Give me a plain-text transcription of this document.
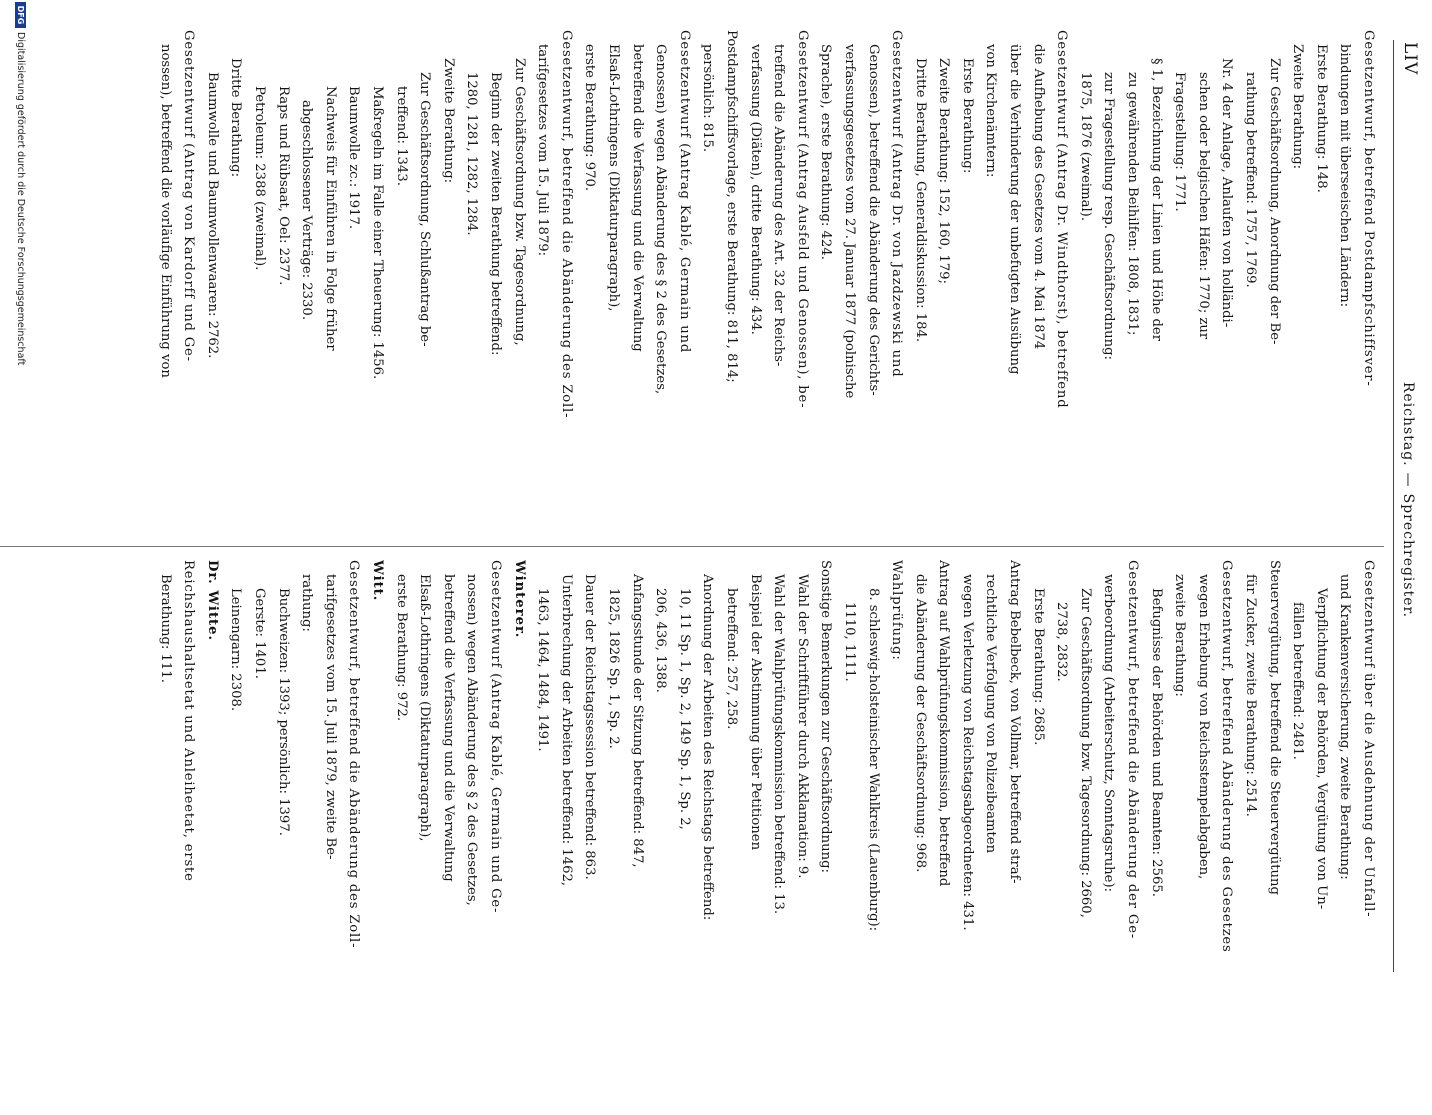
LIV
Reichstag.—Sprechregister.
Gesetzentwurf, betreffend Postdampfschiffsver-
bindungen mit überseeischen Ländern:
Erste Berathung: 148.
Zweite Berathung:
Zur Geschäftsordnung, Anordnung der Be-
rathung betreffend: 1757, 1769.
Nr. 4 der Anlage, Anlaufen von holländi-
schen oder belgischen Häfen: 1770; zur
Fragestellung: 1771.
§ 1, Bezeichnung der Linien und Höhe der
zu gewährenden Beihilfen: 1808, 1831;
zur Fragestellung resp. Geschäftsordnung:
1875, 1876 (zweimal).
Gesetzentwurf (Antrag Dr. Windthorst), betreffend
die Aufhebung des Gesetzes vom 4. Mai 1874
über die Verhinderung der unbefugten Ausübung
von Kirchenämtern:
Erste Berathung:
Zweite Berathung: 152, 160, 179;
Dritte Berathung, Generaldiskussion: 184.
Gesetzentwurf (Antrag Dr. von Jazdzewski und
Genossen), betreffend die Abänderung des Gerichts-
verfassungsgesetzes vom 27. Januar 1877 (polnische
Sprache), erste Berathung: 424.
Gesetzentwurf (Antrag Ausfeld und Genossen), be-
treffend die Abänderung des Art. 32 der Reichs-
verfassung (Diäten), dritte Berathung: 434.
Postdampfschiffsvorlage, erste Berathung: 811, 814;
persönlich: 815.
Gesetzentwurf (Antrag Kablé, Germain und
Genossen) wegen Abänderung des § 2 des Gesetzes,
betreffend die Verfassung und die Verwaltung
Elsaß-Lothringens (Diktaturparagraph),
erste Berathung: 970.
Gesetzentwurf, betreffend die Abänderung des Zoll-
tarifgesetzes vom 15. Juli 1879:
Zur Geschäftsordnung bzw. Tagesordnung,
Beginn der zweiten Berathung betreffend:
1280, 1281, 1282, 1284.
Zweite Berathung:
Zur Geschäftsordnung, Schlußantrag be-
treffend: 1343.
Maßregeln im Falle einer Theuerung: 1456.
Baumwolle zc.: 1917.
Nachweis für Einführen in Folge früher
abgeschlossener Verträge: 2330.
Raps und Rübsaat, Oel: 2377.
Petroleum: 2388 (zweimal).
Dritte Berathung:
Baumwolle und Baumwollenwaaren: 2762.
Gesetzentwurf (Antrag von Kardorff und Ge-
nossen), betreffend die vorläufige Einführung von
Gesetzentwurf über die Ausdehnung der Unfall-
und Krankenversicherung, zweite Berathung:
Verpflichtung der Behörden, Vergütung von Un-
fällen betreffend: 2481.
Steuervergütung, betreffend die Steuervergütung
für Zucker, zweite Berathung: 2514.
Gesetzentwurf, betreffend Abänderung des Gesetzes
wegen Erhebung von Reichsstempelabgaben,
zweite Berathung:
Befugnisse der Behörden und Beamten: 2565.
Gesetzentwurf, betreffend die Abänderung der Ge-
werbeordnung (Arbeiterschutz, Sonntagsruhe):
Zur Geschäftsordnung bzw. Tagesordnung: 2660,
2738, 2832.
Erste Berathung: 2685.
Antrag Bebelbeck, von Vollmar, betreffend straf-
rechtliche Verfolgung von Polizeibeamten
wegen Verletzung von Reichstagsabgeordneten: 431.
Antrag auf Wahlprüfungskommission, betreffend
die Abänderung der Geschäftsordnung: 968.
Wahlprüfung:
8. schleswig-holsteinischer Wahlkreis (Lauenburg):
1110, 1111.
Sonstige Bemerkungen zur Geschäftsordnung:
Wahl der Schriftführer durch Akklamation: 9.
Wahl der Wahlprüfungskommission betreffend: 13.
Beispiel der Abstimmung über Petitionen
betreffend: 257, 258.
Anordnung der Arbeiten des Reichstags betreffend:
10, 11 Sp. 1, Sp. 2, 149 Sp. 1, Sp. 2,
206, 436, 1388.
Anfangsstunde der Sitzung betreffend: 847,
1825, 1826 Sp. 1, Sp. 2.
Dauer der Reichstagssession betreffend: 863.
Unterbrechung der Arbeiten betreffend: 1462,
1463, 1464, 1484, 1491.
Winterer.
Gesetzentwurf (Antrag Kablé, Germain und Ge-
nossen) wegen Abänderung des § 2 des Gesetzes,
betreffend die Verfassung und die Verwaltung
Elsaß-Lothringens (Diktaturparagraph),
erste Berathung: 972.
Witt.
Gesetzentwurf, betreffend die Abänderung des Zoll-
tarifgesetzes vom 15. Juli 1879, zweite Be-
rathung:
Buchweizen: 1393; persönlich: 1397.
Gerste: 1401.
Leinengarn: 2308.
Dr. Witte.
Reichshaushaltsetat und Anleiheetat, erste
Berathung: 111.
DFG
Digitalisierung gefördert durch die Deutsche Forschungsgemeinschaft
